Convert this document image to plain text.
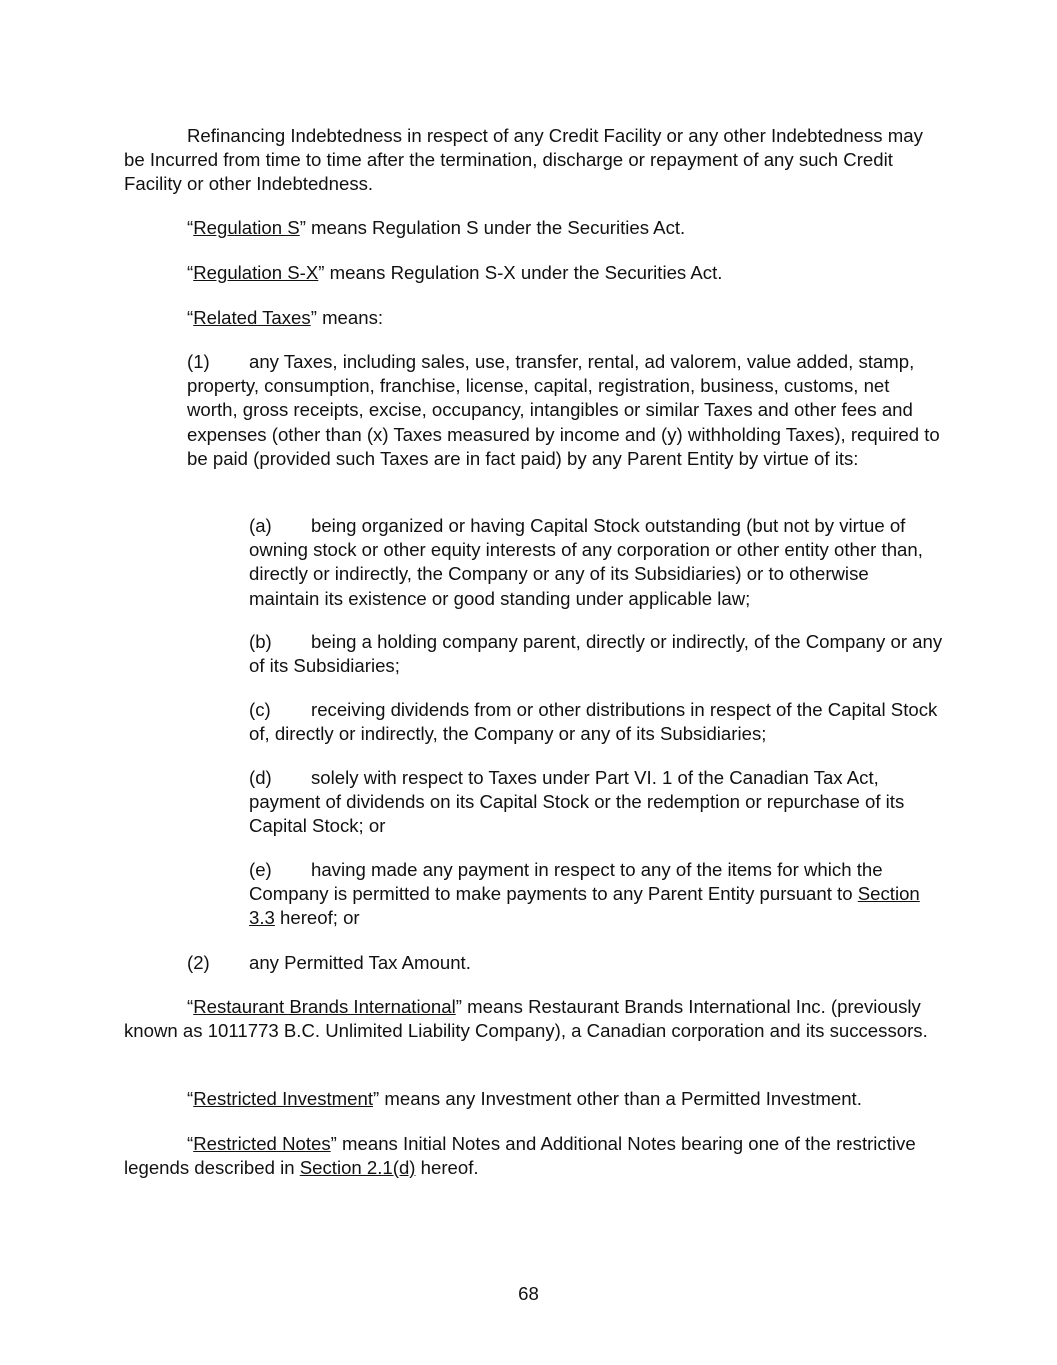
Refinancing Indebtedness in respect of any Credit Facility or any other Indebtedness may be Incurred from time to time after the termination, discharge or repayment of any such Credit Facility or other Indebtedness.

“Regulation S” means Regulation S under the Securities Act.

“Regulation S-X” means Regulation S-X under the Securities Act.

“Related Taxes” means:

(1) any Taxes, including sales, use, transfer, rental, ad valorem, value added, stamp, property, consumption, franchise, license, capital, registration, business, customs, net worth, gross receipts, excise, occupancy, intangibles or similar Taxes and other fees and expenses (other than (x) Taxes measured by income and (y) withholding Taxes), required to be paid (provided such Taxes are in fact paid) by any Parent Entity by virtue of its:

(a) being organized or having Capital Stock outstanding (but not by virtue of owning stock or other equity interests of any corporation or other entity other than, directly or indirectly, the Company or any of its Subsidiaries) or to otherwise maintain its existence or good standing under applicable law;

(b) being a holding company parent, directly or indirectly, of the Company or any of its Subsidiaries;

(c) receiving dividends from or other distributions in respect of the Capital Stock of, directly or indirectly, the Company or any of its Subsidiaries;

(d) solely with respect to Taxes under Part VI. 1 of the Canadian Tax Act, payment of dividends on its Capital Stock or the redemption or repurchase of its Capital Stock; or

(e) having made any payment in respect to any of the items for which the Company is permitted to make payments to any Parent Entity pursuant to Section 3.3 hereof; or

(2) any Permitted Tax Amount.

“Restaurant Brands International” means Restaurant Brands International Inc. (previously known as 1011773 B.C. Unlimited Liability Company), a Canadian corporation and its successors.

“Restricted Investment” means any Investment other than a Permitted Investment.

“Restricted Notes” means Initial Notes and Additional Notes bearing one of the restrictive legends described in Section 2.1(d) hereof.

68
